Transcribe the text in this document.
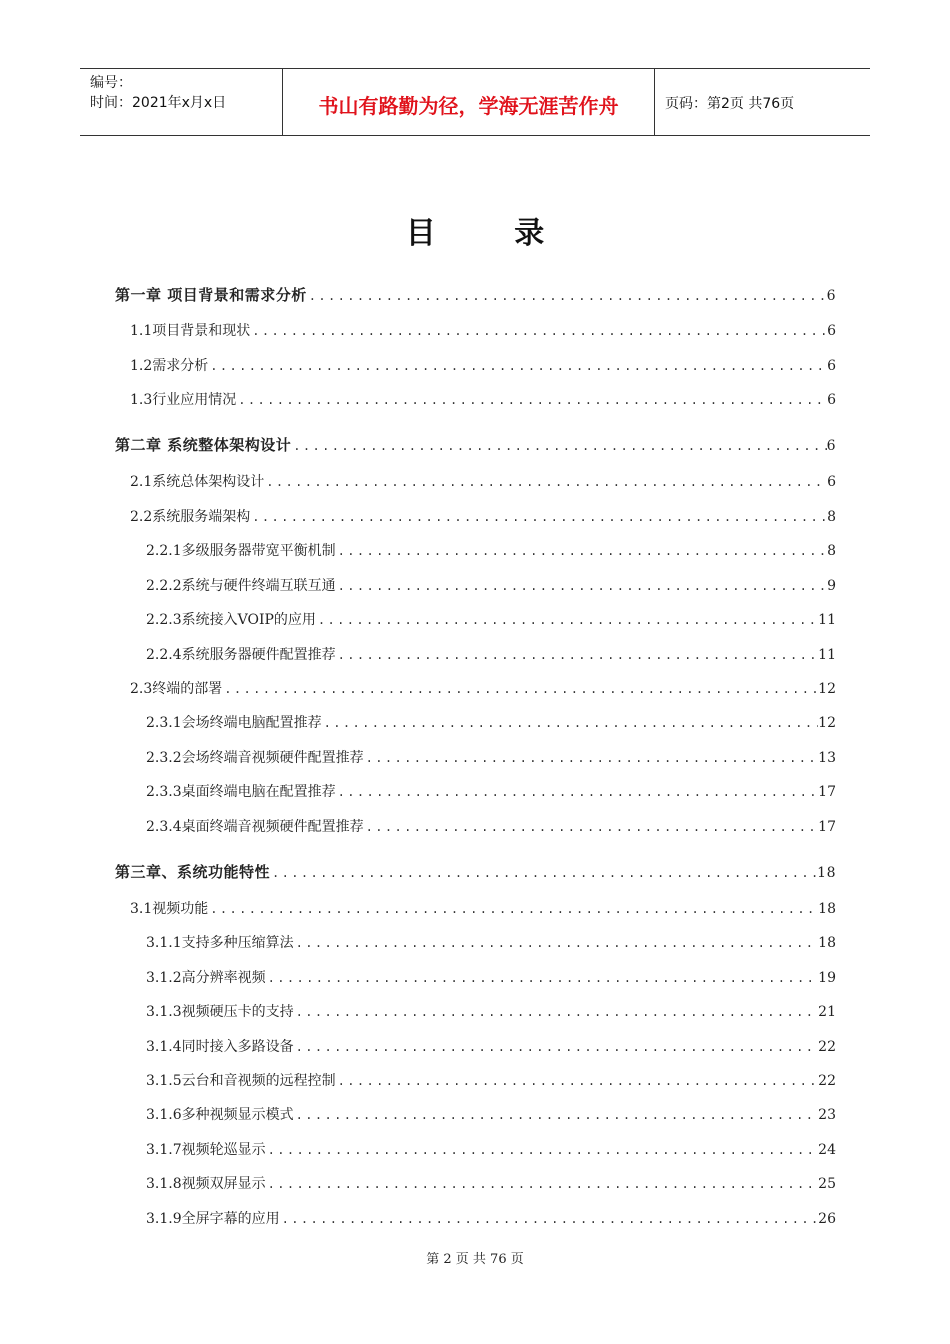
编号：
时间：2021年x月x日	书山有路勤为径，学海无涯苦作舟	页码：第2页 共76页
目 录
第一章 项目背景和需求分析 .....	6
1.1项目背景和现状 .....	6
1.2需求分析 .....	6
1.3行业应用情况 .....	6
第二章 系统整体架构设计 .....	6
2.1系统总体架构设计 .....	6
2.2系统服务端架构 .....	8
2.2.1多级服务器带宽平衡机制 .....	8
2.2.2系统与硬件终端互联互通 .....	9
2.2.3系统接入VOIP的应用 .....	11
2.2.4系统服务器硬件配置推荐 .....	11
2.3终端的部署 .....	12
2.3.1会场终端电脑配置推荐 .....	12
2.3.2会场终端音视频硬件配置推荐 .....	13
2.3.3桌面终端电脑在配置推荐 .....	17
2.3.4桌面终端音视频硬件配置推荐 .....	17
第三章、系统功能特性 .....	18
3.1视频功能 .....	18
3.1.1支持多种压缩算法 .....	18
3.1.2高分辨率视频 .....	19
3.1.3视频硬压卡的支持 .....	21
3.1.4同时接入多路设备 .....	22
3.1.5云台和音视频的远程控制 .....	22
3.1.6多种视频显示模式 .....	23
3.1.7视频轮巡显示 .....	24
3.1.8视频双屏显示 .....	25
3.1.9全屏字幕的应用 .....	26
第 2 页 共 76 页
